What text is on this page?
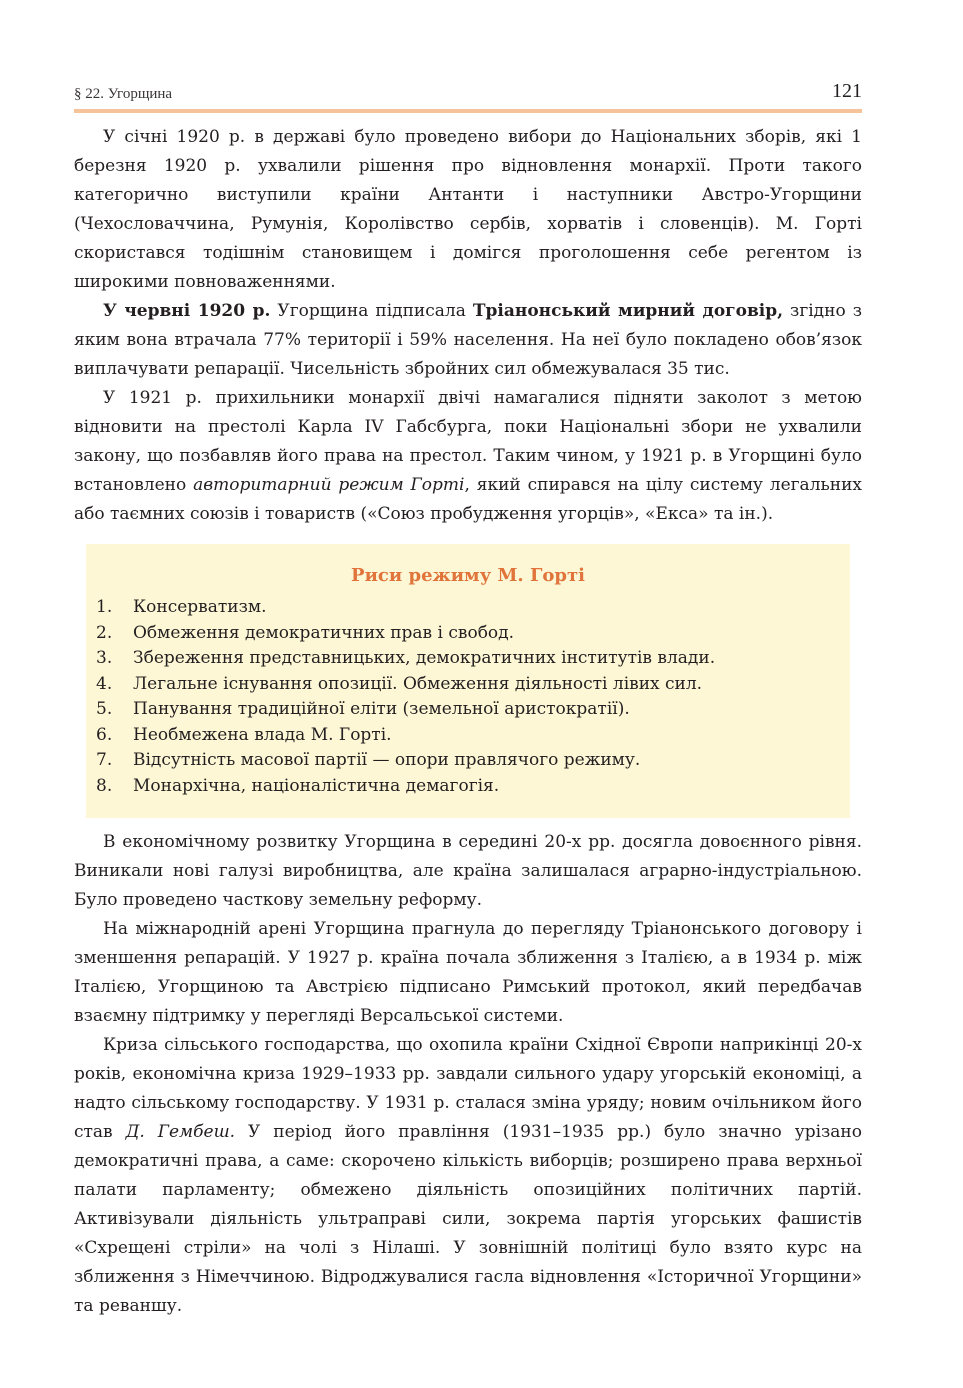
§ 22. Угорщина	121

У січні 1920 р. в державі було проведено вибори до Національних зборів, які 1 березня 1920 р. ухвалили рішення про відновлення монархії. Проти такого категорично виступили країни Антанти і наступники Австро-Угорщини (Чехословаччина, Румунія, Королівство сербів, хорватів і словенців). М. Горті скористався тодішнім становищем і домігся проголошення себе регентом із широкими повноваженнями.

У червні 1920 р. Угорщина підписала Тріанонський мирний договір, згідно з яким вона втрачала 77% території і 59% населення. На неї було покладено обов’язок виплачувати репарації. Чисельність збройних сил обмежувалася 35 тис.

У 1921 р. прихильники монархії двічі намагалися підняти заколот з метою відновити на престолі Карла IV Габсбурга, поки Національні збори не ухвалили закону, що позбавляв його права на престол. Таким чином, у 1921 р. в Угорщині було встановлено авторитарний режим Горті, який спирався на цілу систему легальних або таємних союзів і товариств («Союз пробудження угорців», «Екса» та ін.).

Риси режиму М. Горті
1.	Консерватизм.
2.	Обмеження демократичних прав і свобод.
3.	Збереження представницьких, демократичних інститутів влади.
4.	Легальне існування опозиції. Обмеження діяльності лівих сил.
5.	Панування традиційної еліти (земельної аристократії).
6.	Необмежена влада М. Горті.
7.	Відсутність масової партії — опори правлячого режиму.
8.	Монархічна, націоналістична демагогія.

В економічному розвитку Угорщина в середині 20-х рр. досягла довоєнного рівня. Виникали нові галузі виробництва, але країна залишалася аграрно-індустріальною. Було проведено часткову земельну реформу.

На міжнародній арені Угорщина прагнула до перегляду Тріанонського договору і зменшення репарацій. У 1927 р. країна почала зближення з Італією, а в 1934 р. між Італією, Угорщиною та Австрією підписано Римський протокол, який передбачав взаємну підтримку у перегляді Версальської системи.

Криза сільського господарства, що охопила країни Східної Європи наприкінці 20-х років, економічна криза 1929–1933 рр. завдали сильного удару угорській економіці, а надто сільському господарству. У 1931 р. сталася зміна уряду; новим очільником його став Д. Гембеш. У період його правління (1931–1935 рр.) було значно урізано демократичні права, а саме: скорочено кількість виборців; розширено права верхньої палати парламенту; обмежено діяльність опозиційних політичних партій. Активізували діяльність ультраправі сили, зокрема партія угорських фашистів «Схрещені стріли» на чолі з Нілаші. У зовнішній політиці було взято курс на зближення з Німеччиною. Відроджувалися гасла відновлення «Історичної Угорщини» та реваншу.
